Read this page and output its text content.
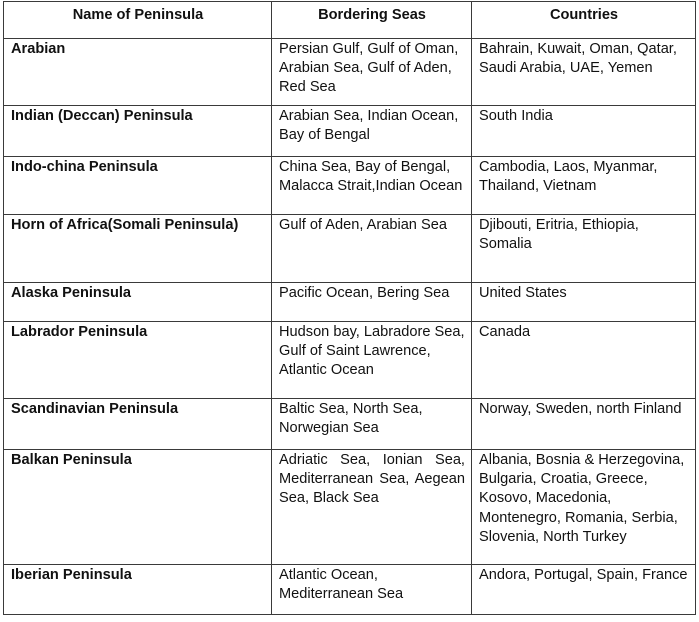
Name of Peninsula	Bordering Seas	Countries
Arabian	Persian Gulf, Gulf of Oman, Arabian Sea, Gulf of Aden, Red Sea	Bahrain, Kuwait, Oman, Qatar, Saudi Arabia, UAE, Yemen
Indian (Deccan) Peninsula	Arabian Sea, Indian Ocean, Bay of Bengal	South India
Indo-china Peninsula	China Sea, Bay of Bengal, Malacca Strait,Indian Ocean	Cambodia, Laos, Myanmar, Thailand, Vietnam
Horn of Africa(Somali Peninsula)	Gulf of Aden, Arabian Sea	Djibouti, Eritria, Ethiopia, Somalia
Alaska Peninsula	Pacific Ocean, Bering Sea	United States
Labrador Peninsula	Hudson bay, Labradore Sea, Gulf of Saint Lawrence, Atlantic Ocean	Canada
Scandinavian Peninsula	Baltic Sea, North Sea, Norwegian Sea	Norway, Sweden, north Finland
Balkan Peninsula	Adriatic Sea, Ionian Sea, Mediterranean Sea, Aegean Sea, Black Sea	Albania, Bosnia & Herzegovina, Bulgaria, Croatia, Greece, Kosovo, Macedonia, Montenegro, Romania, Serbia, Slovenia, North Turkey
Iberian Peninsula	Atlantic Ocean, Mediterranean Sea	Andora, Portugal, Spain, France
